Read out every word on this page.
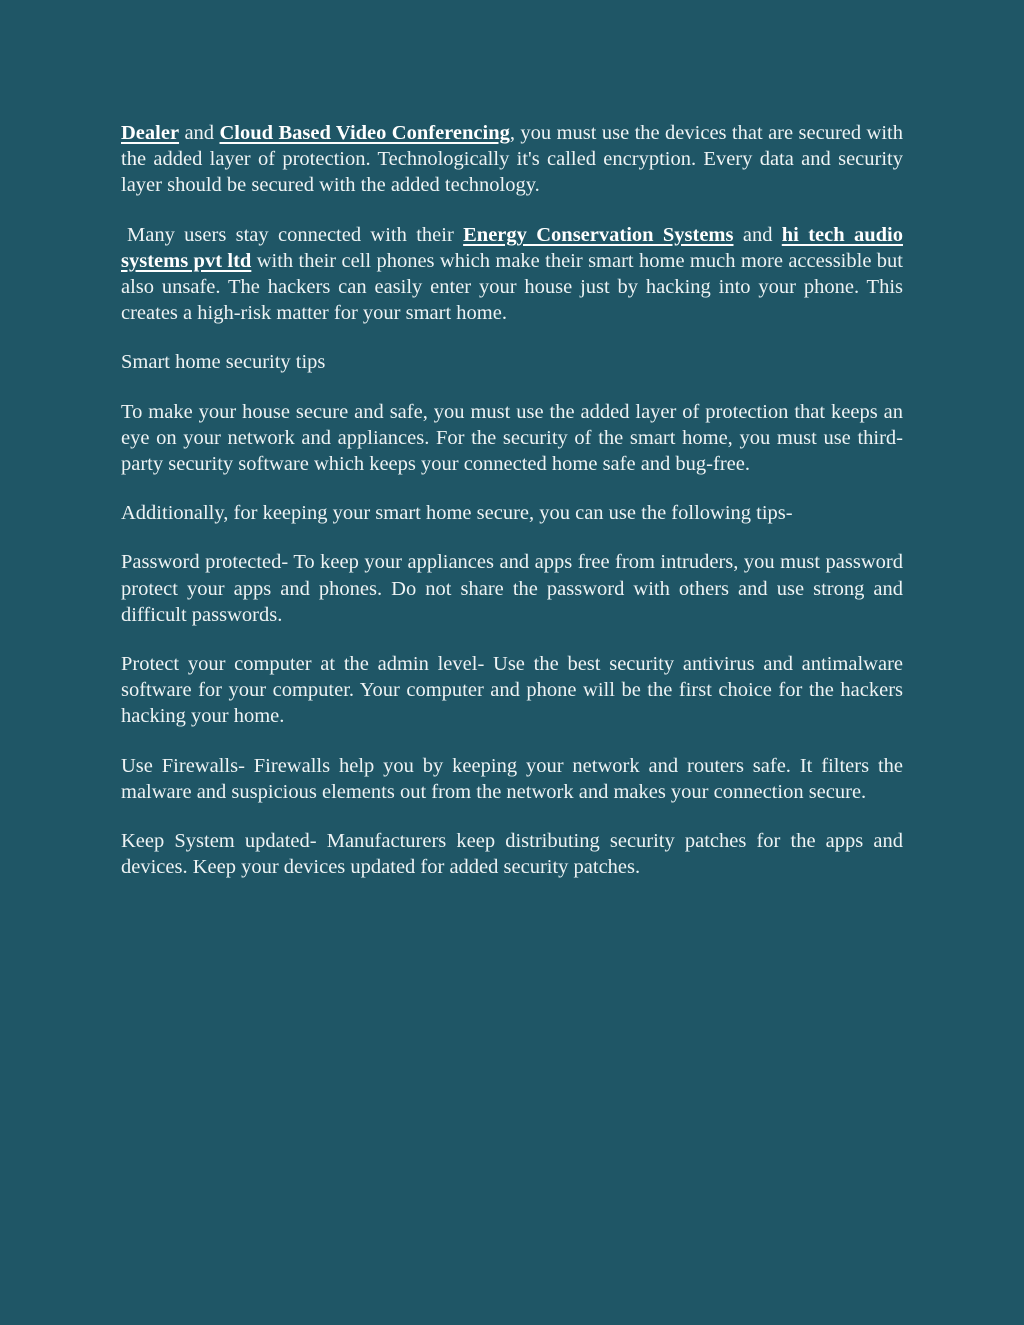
Dealer and Cloud Based Video Conferencing, you must use the devices that are secured with the added layer of protection. Technologically it's called encryption. Every data and security layer should be secured with the added technology.

Many users stay connected with their Energy Conservation Systems and hi tech audio systems pvt ltd with their cell phones which make their smart home much more accessible but also unsafe. The hackers can easily enter your house just by hacking into your phone. This creates a high-risk matter for your smart home.

Smart home security tips

To make your house secure and safe, you must use the added layer of protection that keeps an eye on your network and appliances. For the security of the smart home, you must use third-party security software which keeps your connected home safe and bug-free.

Additionally, for keeping your smart home secure, you can use the following tips-

Password protected- To keep your appliances and apps free from intruders, you must password protect your apps and phones. Do not share the password with others and use strong and difficult passwords.

Protect your computer at the admin level- Use the best security antivirus and antimalware software for your computer. Your computer and phone will be the first choice for the hackers hacking your home.

Use Firewalls- Firewalls help you by keeping your network and routers safe. It filters the malware and suspicious elements out from the network and makes your connection secure.

Keep System updated- Manufacturers keep distributing security patches for the apps and devices. Keep your devices updated for added security patches.
